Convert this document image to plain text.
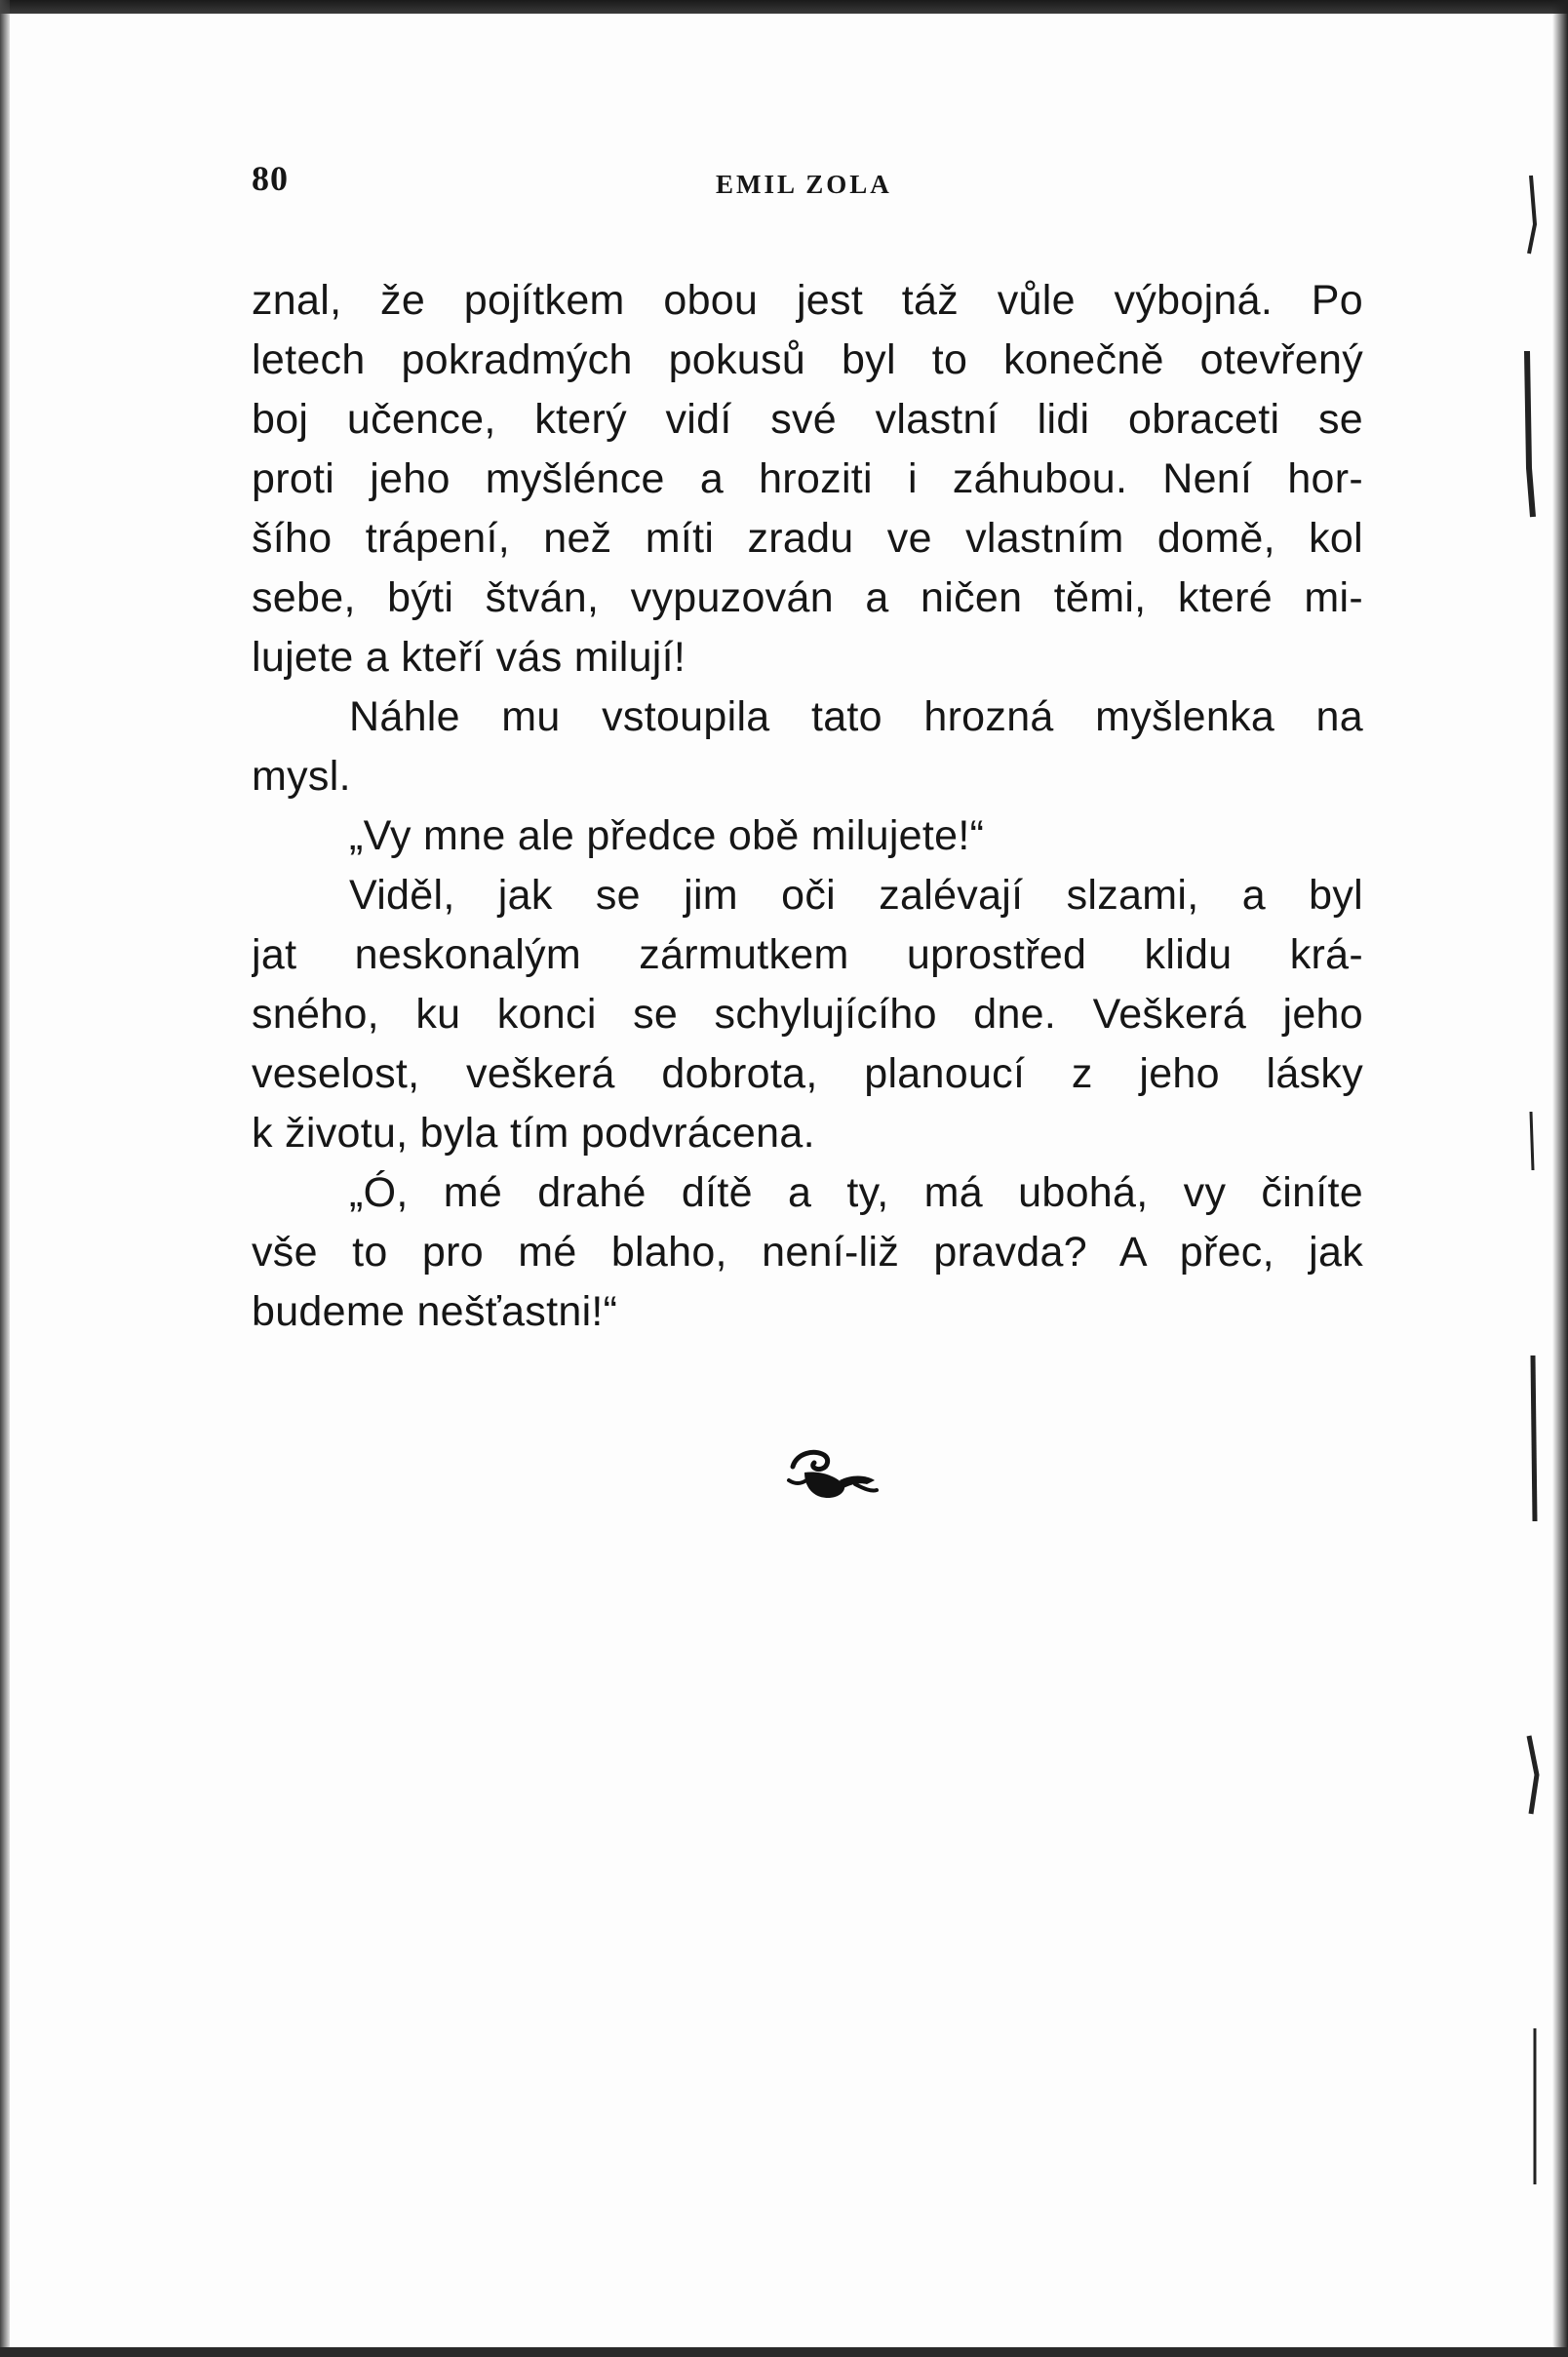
80	EMIL ZOLA
znal, že pojítkem obou jest táž vůle výbojná. Po
letech pokradmých pokusů byl to konečně otevřený
boj učence, který vidí své vlastní lidi obraceti se
proti jeho myšlénce a hroziti i záhubou. Není hor-
šího trápení, než míti zradu ve vlastním domě, kol
sebe, býti štván, vypuzován a ničen těmi, které mi-
lujete a kteří vás milují!
Náhle mu vstoupila tato hrozná myšlenka na
mysl.
„Vy mne ale předce obě milujete!“
Viděl, jak se jim oči zalévají slzami, a byl
jat neskonalým zármutkem uprostřed klidu krá-
sného, ku konci se schylujícího dne. Veškerá jeho
veselost, veškerá dobrota, planoucí z jeho lásky
k životu, byla tím podvrácena.
„Ó, mé drahé dítě a ty, má ubohá, vy činíte
vše to pro mé blaho, není-liž pravda? A přec, jak
budeme nešťastni!“
